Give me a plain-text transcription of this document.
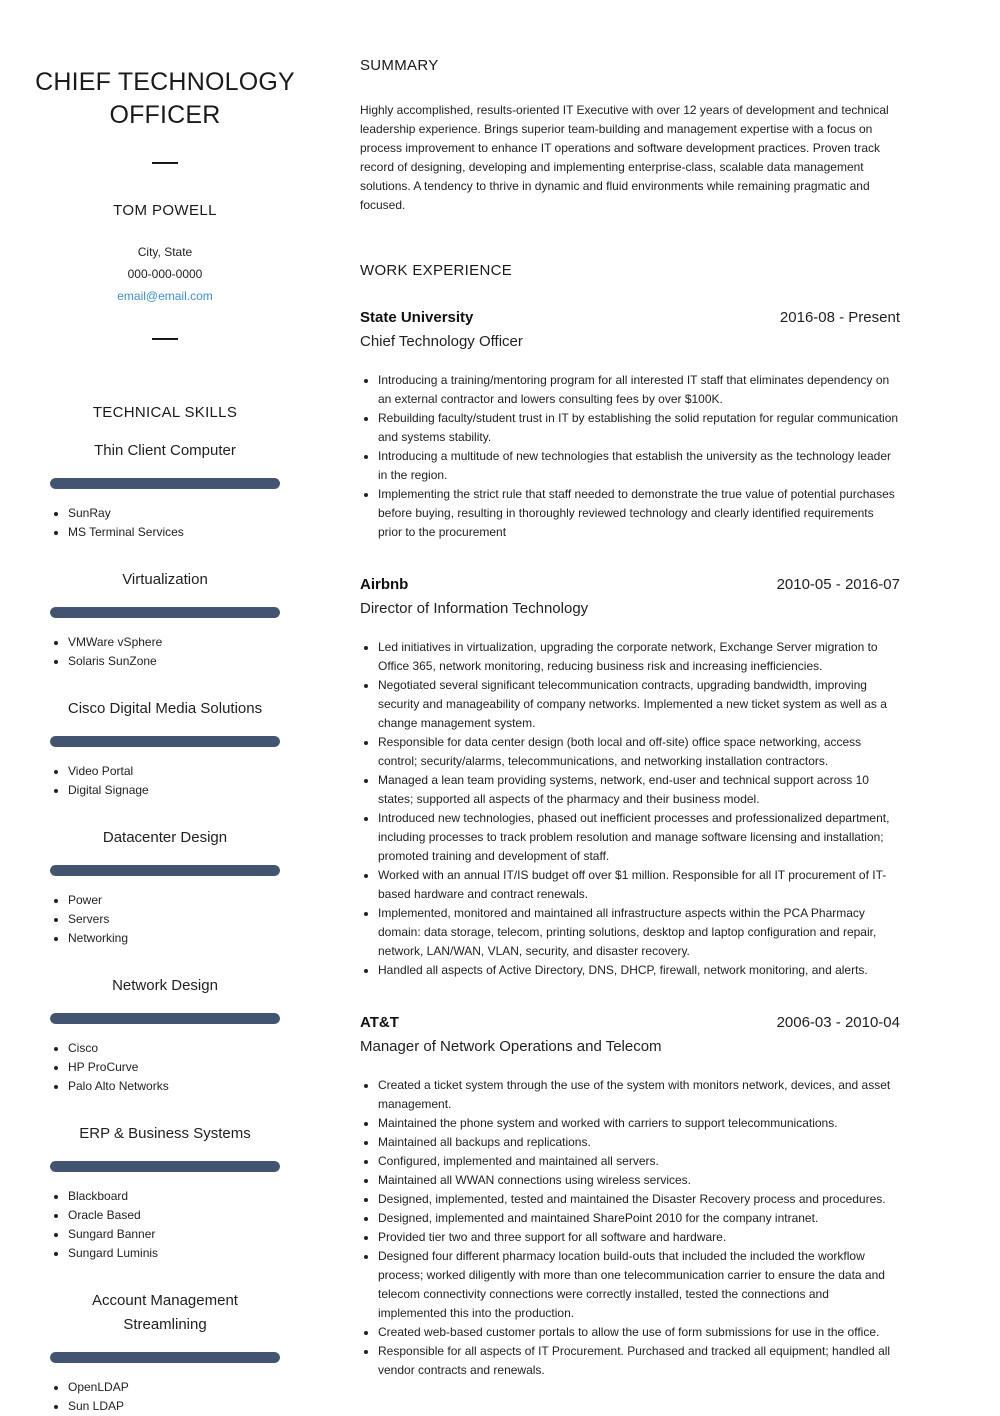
CHIEF TECHNOLOGY OFFICER
TOM POWELL
City, State
000-000-0000
email@email.com
TECHNICAL SKILLS
Thin Client Computer
• SunRay
• MS Terminal Services
Virtualization
• VMWare vSphere
• Solaris SunZone
Cisco Digital Media Solutions
• Video Portal
• Digital Signage
Datacenter Design
• Power
• Servers
• Networking
Network Design
• Cisco
• HP ProCurve
• Palo Alto Networks
ERP & Business Systems
• Blackboard
• Oracle Based
• Sungard Banner
• Sungard Luminis
Account Management Streamlining
• OpenLDAP
• Sun LDAP
SUMMARY

Highly accomplished, results-oriented IT Executive with over 12 years of development and technical leadership experience. Brings superior team-building and management expertise with a focus on process improvement to enhance IT operations and software development practices. Proven track record of designing, developing and implementing enterprise-class, scalable data management solutions. A tendency to thrive in dynamic and fluid environments while remaining pragmatic and focused.

WORK EXPERIENCE
State University	2016-08 - Present
Chief Technology Officer
• Introducing a training/mentoring program for all interested IT staff that eliminates dependency on an external contractor and lowers consulting fees by over $100K.
• Rebuilding faculty/student trust in IT by establishing the solid reputation for regular communication and systems stability.
• Introducing a multitude of new technologies that establish the university as the technology leader in the region.
• Implementing the strict rule that staff needed to demonstrate the true value of potential purchases before buying, resulting in thoroughly reviewed technology and clearly identified requirements prior to the procurement
Airbnb	2010-05 - 2016-07
Director of Information Technology
• Led initiatives in virtualization, upgrading the corporate network, Exchange Server migration to Office 365, network monitoring, reducing business risk and increasing inefficiencies.
• Negotiated several significant telecommunication contracts, upgrading bandwidth, improving security and manageability of company networks. Implemented a new ticket system as well as a change management system.
• Responsible for data center design (both local and off-site) office space networking, access control; security/alarms, telecommunications, and networking installation contractors.
• Managed a lean team providing systems, network, end-user and technical support across 10 states; supported all aspects of the pharmacy and their business model.
• Introduced new technologies, phased out inefficient processes and professionalized department, including processes to track problem resolution and manage software licensing and installation; promoted training and development of staff.
• Worked with an annual IT/IS budget off over $1 million. Responsible for all IT procurement of IT-based hardware and contract renewals.
• Implemented, monitored and maintained all infrastructure aspects within the PCA Pharmacy domain: data storage, telecom, printing solutions, desktop and laptop configuration and repair, network, LAN/WAN, VLAN, security, and disaster recovery.
• Handled all aspects of Active Directory, DNS, DHCP, firewall, network monitoring, and alerts.
AT&T	2006-03 - 2010-04
Manager of Network Operations and Telecom
• Created a ticket system through the use of the system with monitors network, devices, and asset management.
• Maintained the phone system and worked with carriers to support telecommunications.
• Maintained all backups and replications.
• Configured, implemented and maintained all servers.
• Maintained all WWAN connections using wireless services.
• Designed, implemented, tested and maintained the Disaster Recovery process and procedures.
• Designed, implemented and maintained SharePoint 2010 for the company intranet.
• Provided tier two and three support for all software and hardware.
• Designed four different pharmacy location build-outs that included the included the workflow process; worked diligently with more than one telecommunication carrier to ensure the data and telecom connectivity connections were correctly installed, tested the connections and implemented this into the production.
• Created web-based customer portals to allow the use of form submissions for use in the office.
• Responsible for all aspects of IT Procurement. Purchased and tracked all equipment; handled all vendor contracts and renewals.
